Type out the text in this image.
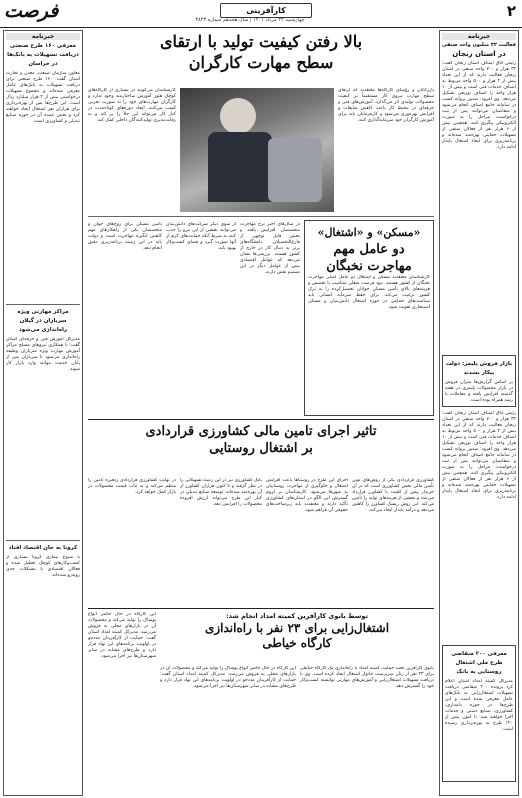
۲
کارآفرینی
چهارشنبه ۲۲ مرداد ۱۴۰۱ | سال هجدهم شماره ۳۸۴۳
فرصت
خبرنامه
فعالیت ۳۲ میلیون واحد صنفی
در استان زنجان
رئیس اتاق اصناف استان زنجان گفت: ۳۲ هزار و ۷۰۰ واحد صنفی در استان زنجان فعالیت دارند که از این تعداد بیش از ۲ هزار و ۵۰۰ واحد مربوط به اصناف خدمات فنی است و بیش از ۱۰ هزار واحد را اصناف توزیعی تشکیل می‌دهد. وی افزود: صدور پروانه کسب در سامانه جامع اصناف انجام می‌شود و متقاضیان می‌توانند پس از ثبت درخواست، مراحل را به صورت الکترونیکی پیگیری کنند. همچنین بیش از ۶ هزار نفر از فعالان صنفی از تسهیلات حمایتی بهره‌مند شده‌اند و برنامه‌ریزی برای ایجاد اشتغال پایدار ادامه دارد.
بازار فروش پلیمر: دولت بیکار نشدند
بر اساس گزارش‌ها میزان فروش در بازار محصولات پلیمری در هفته گذشته افزایش یافته و معاملات با رشد همراه بوده است.
رئیس اتاق اصناف استان زنجان گفت: ۳۲ هزار و ۷۰۰ واحد صنفی در استان زنجان فعالیت دارند که از این تعداد بیش از ۲ هزار و ۵۰۰ واحد مربوط به اصناف خدمات فنی است و بیش از ۱۰ هزار واحد را اصناف توزیعی تشکیل می‌دهد. وی افزود: صدور پروانه کسب در سامانه جامع اصناف انجام می‌شود و متقاضیان می‌توانند پس از ثبت درخواست، مراحل را به صورت الکترونیکی پیگیری کنند. همچنین بیش از ۶ هزار نفر از فعالان صنفی از تسهیلات حمایتی بهره‌مند شده‌اند و برنامه‌ریزی برای ایجاد اشتغال پایدار ادامه دارد.
معرفی ۲۰۰ متقاضی طرح ملی اشتغال روستایی به بانک
مدیرکل کمیته امداد استان اعلام کرد پرونده ۲۰۰ متقاضی دریافت تسهیلات اشتغال‌زایی به بانک‌های عامل معرفی شده است و این طرح‌ها در حوزه دامداری، کشاورزی، صنایع دستی و خدمات اجرا خواهند شد. تا کنون بیش از ۱۲۰ طرح به بهره‌برداری رسیده است.
خبرنامه
معرفی ۱۶۰ طرح صنعتی دریافت تسهیلات به بانک‌ها در خراسان
معاون سازمان صنعت، معدن و تجارت استان گفت: ۱۶۰ طرح صنعتی برای دریافت تسهیلات به بانک‌های عامل معرفی شده‌اند و مجموع تسهیلات درخواستی بیش از ۲ هزار میلیارد ریال است. این طرح‌ها پس از بهره‌برداری برای هزاران نفر اشتغال ایجاد خواهند کرد و بخش عمده آن در حوزه صنایع تبدیلی و کشاورزی است.
مراکز مهارتی ویژه سربازان در گیلان راه‌اندازی می‌شود
مدیرکل آموزش فنی و حرفه‌ای استان گفت: با همکاری نیروهای مسلح مراکز آموزش مهارت ویژه سربازان وظیفه راه‌اندازی می‌شود تا سربازان پس از پایان خدمت بتوانند وارد بازار کار شوند.
کرونا به جان اقتصاد افتاد
با شیوع بیماری کرونا بسیاری از کسب‌وکارهای کوچک تعطیل شده و فعالان اقتصادی با مشکلات جدی روبه‌رو شده‌اند.
بالا رفتن کیفیت تولید با ارتقای
سطح مهارت کارگران
بازرگانان و رؤسای کارگاه‌ها معتقدند که ارتقای سطح مهارت نیروی کار مستقیماً بر کیفیت محصولات تولیدی اثر می‌گذارد. آموزش‌های فنی و حرفه‌ای در محیط کار باعث کاهش ضایعات و افزایش بهره‌وری می‌شود و کارفرمایان باید برای آموزش کارگران خود سرمایه‌گذاری کنند.
کارشناسان می‌گویند در بسیاری از کارگاه‌های کوچک هنوز آموزش ساختارمند وجود ندارد و کارگران مهارت‌های خود را به صورت تجربی کسب می‌کنند. ایجاد دوره‌های کوتاه‌مدت در کنار کار می‌تواند این خلأ را پر کند و به رقابت‌پذیری تولیدکنندگان داخلی کمک کند.
«مسکن» و «اشتغال»
دو عامل مهم
مهاجرت نخبگان
کارشناسان معتقدند مسکن و اشتغال دو عامل اصلی مهاجرت نخبگان از کشور هستند. نبود فرصت شغلی متناسب با تخصص و هزینه‌های بالای تأمین مسکن جوانان تحصیل‌کرده را به ترک کشور ترغیب می‌کند. برای حفظ سرمایه انسانی باید سیاست‌های حمایتی در حوزه اشتغال دانش‌بنیان و مسکن استیجاری تقویت شود.
در سال‌های اخیر نرخ مهاجرت متخصصان افزایش یافته و بخش قابل توجهی از فارغ‌التحصیلان دانشگاه‌های برتر به دنبال کار در خارج از کشور هستند. بررسی‌ها نشان می‌دهد که عوامل اقتصادی بیش از عوامل دیگر در این تصمیم نقش دارند.
از سوی دیگر شرکت‌های دانش‌بنیان می‌توانند بخشی از این نیرو را جذب کنند به شرط آنکه حمایت‌های لازم از آنها صورت گیرد و فضای کسب‌وکار بهبود یابد.
تأمین مسکن برای زوج‌های جوان و متخصصان یکی از راهکارهای مهم کاهش انگیزه مهاجرت است و دولت باید در این زمینه برنامه‌ریزی دقیق انجام دهد.
تاثیر اجرای تامین مالی کشاورزی قراردادی
بر اشتغال روستایی
کشاورزی قراردادی یکی از روش‌های نوین تأمین مالی بخش کشاورزی است که در آن خریدار پیش از کشت با کشاورز قرارداد می‌بندد و بخشی از هزینه‌های تولید را تأمین می‌کند. این روش ریسک کشاورز را کاهش می‌دهد و درآمد پایدار ایجاد می‌کند.
اجرای این طرح در روستاها باعث افزایش اشتغال و جلوگیری از مهاجرت روستاییان به شهرها می‌شود. کارشناسان بر لزوم گسترش این الگو در استان‌های کشاورزی تأکید دارند و معتقدند باید زیرساخت‌های حقوقی آن فراهم شود.
بانک کشاورزی نیز در این زمینه تسهیلاتی را در نظر گرفته و تا کنون هزاران کشاورز از آن بهره‌مند شده‌اند. توسعه صنایع تبدیلی در کنار این طرح می‌تواند ارزش افزوده محصولات را افزایش دهد.
در نهایت کشاورزی قراردادی زنجیره تأمین را منظم می‌کند و به ثبات قیمت محصولات در بازار کمک خواهد کرد.
توسط بانوی کارآفرین کمیته امداد انجام شد:
اشتغال‌زایی برای ۲۳ نفر با راه‌اندازی
کارگاه خیاطی
این کارگاه در حال حاضر انواع پوشاک را تولید می‌کند و محصولات آن در بازارهای محلی به فروش می‌رسد. مدیرکل کمیته امداد استان گفت: حمایت از کارآفرینان مددجو در اولویت برنامه‌های این نهاد قرار دارد و طرح‌های مشابه در سایر شهرستان‌ها نیز اجرا می‌شود.
بانوی کارآفرین تحت حمایت کمیته امداد با راه‌اندازی یک کارگاه خیاطی برای ۲۳ نفر از زنان سرپرست خانوار اشتغال ایجاد کرده است. وی با دریافت تسهیلات اشتغال‌زایی و آموزش‌های مهارتی توانسته کسب‌وکار خود را گسترش دهد.
این کارگاه در حال حاضر انواع پوشاک را تولید می‌کند و محصولات آن در بازارهای محلی به فروش می‌رسد. مدیرکل کمیته امداد استان گفت: حمایت از کارآفرینان مددجو در اولویت برنامه‌های این نهاد قرار دارد و طرح‌های مشابه در سایر شهرستان‌ها نیز اجرا می‌شود.
